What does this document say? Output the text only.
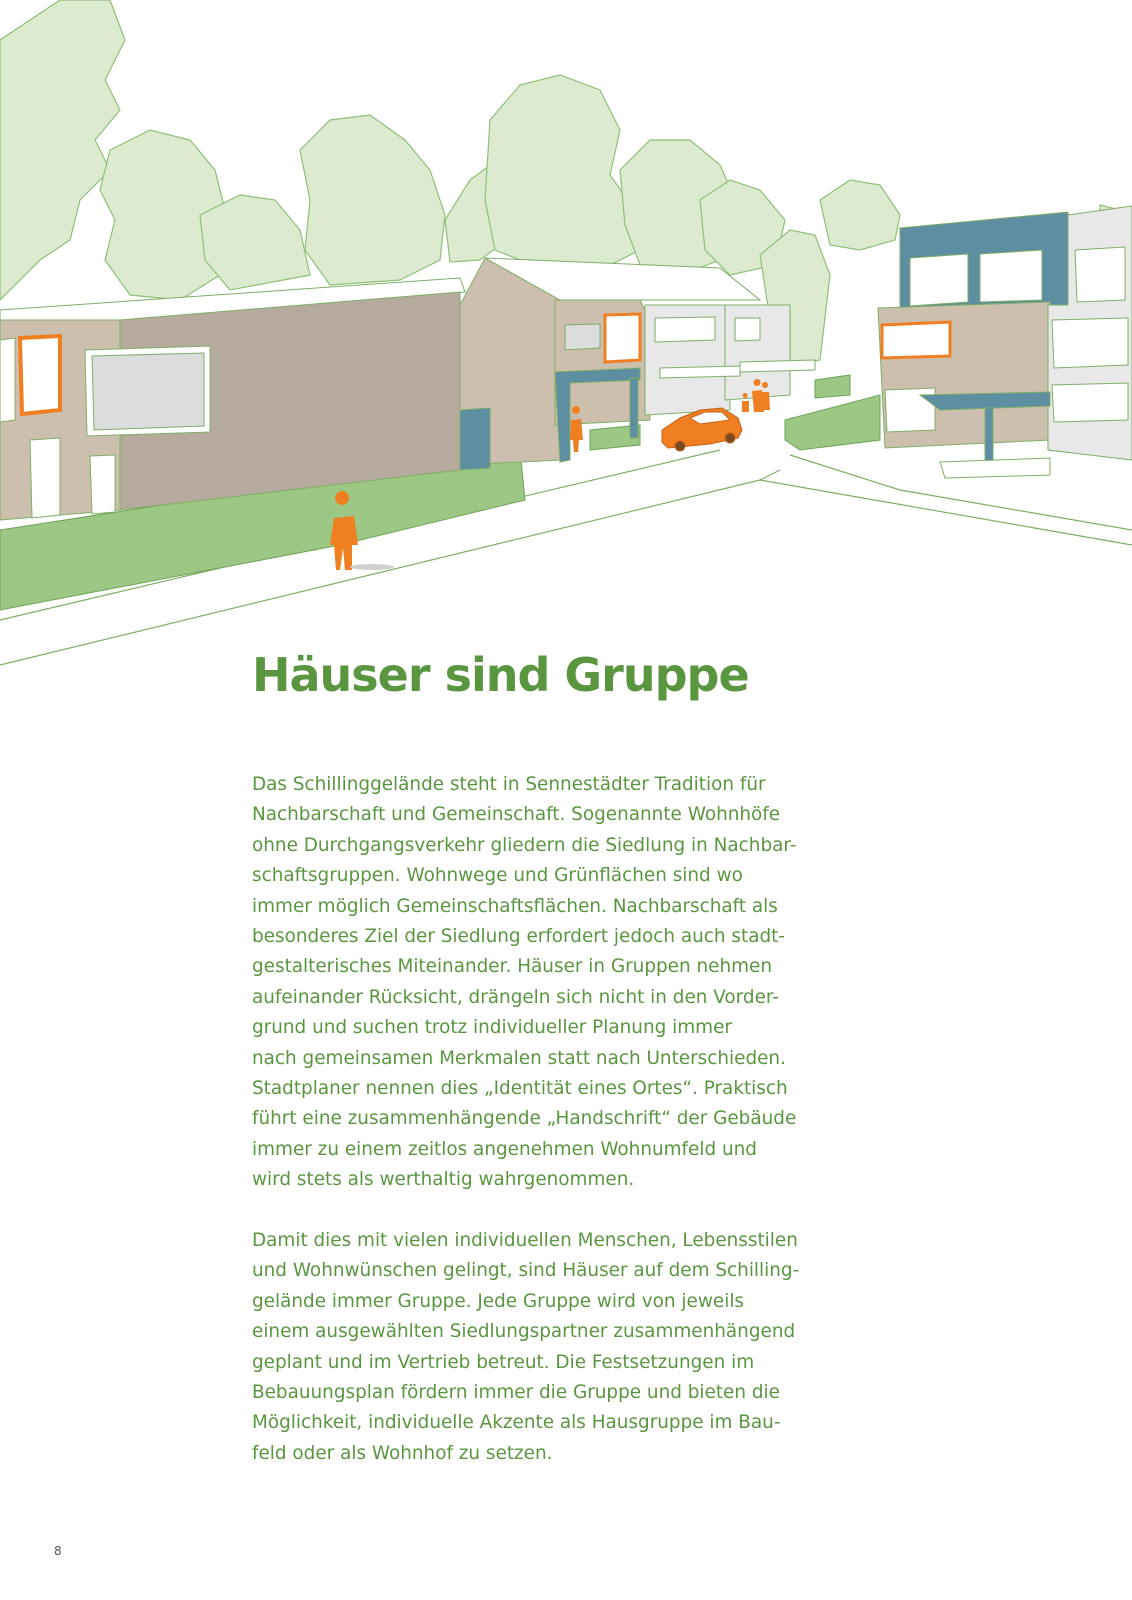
Häuser sind Gruppe
Das Schillinggelände steht in Sennestädter Tradition für
Nachbarschaft und Gemeinschaft. Sogenannte Wohnhöfe
ohne Durchgangsverkehr gliedern die Siedlung in Nachbar-
schaftsgruppen. Wohnwege und Grünflächen sind wo
immer möglich Gemeinschaftsflächen. Nachbarschaft als
besonderes Ziel der Siedlung erfordert jedoch auch stadt-
gestalterisches Miteinander. Häuser in Gruppen nehmen
aufeinander Rücksicht, drängeln sich nicht in den Vorder-
grund und suchen trotz individueller Planung immer
nach gemeinsamen Merkmalen statt nach Unterschieden.
Stadtplaner nennen dies „Identität eines Ortes“. Praktisch
führt eine zusammenhängende „Handschrift“ der Gebäude
immer zu einem zeitlos angenehmen Wohnumfeld und
wird stets als werthaltig wahrgenommen.
Damit dies mit vielen individuellen Menschen, Lebensstilen
und Wohnwünschen gelingt, sind Häuser auf dem Schilling-
gelände immer Gruppe. Jede Gruppe wird von jeweils
einem ausgewählten Siedlungspartner zusammenhängend
geplant und im Vertrieb betreut. Die Festsetzungen im
Bebauungsplan fördern immer die Gruppe und bieten die
Möglichkeit, individuelle Akzente als Hausgruppe im Bau-
feld oder als Wohnhof zu setzen.
8
